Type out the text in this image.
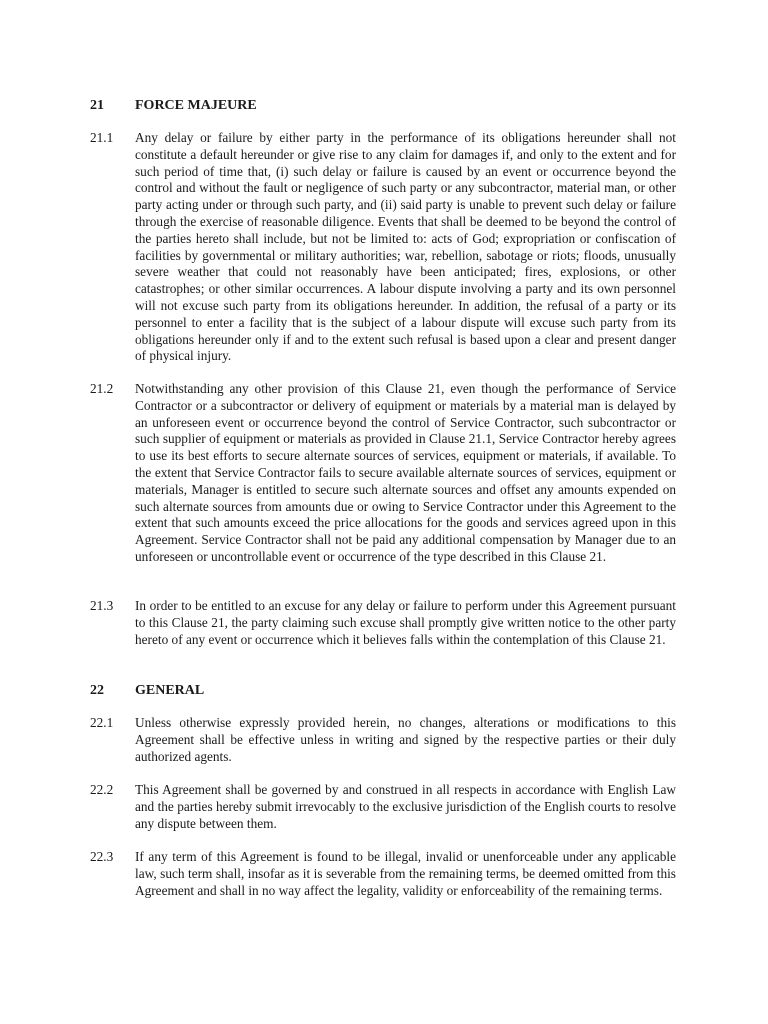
21 FORCE MAJEURE
21.1 Any delay or failure by either party in the performance of its obligations hereunder shall not constitute a default hereunder or give rise to any claim for damages if, and only to the extent and for such period of time that, (i) such delay or failure is caused by an event or occurrence beyond the control and without the fault or negligence of such party or any subcontractor, material man, or other party acting under or through such party, and (ii) said party is unable to prevent such delay or failure through the exercise of reasonable diligence. Events that shall be deemed to be beyond the control of the parties hereto shall include, but not be limited to: acts of God; expropriation or confiscation of facilities by governmental or military authorities; war, rebellion, sabotage or riots; floods, unusually severe weather that could not reasonably have been anticipated; fires, explosions, or other catastrophes; or other similar occurrences. A labour dispute involving a party and its own personnel will not excuse such party from its obligations hereunder. In addition, the refusal of a party or its personnel to enter a facility that is the subject of a labour dispute will excuse such party from its obligations hereunder only if and to the extent such refusal is based upon a clear and present danger of physical injury.
21.2 Notwithstanding any other provision of this Clause 21, even though the performance of Service Contractor or a subcontractor or delivery of equipment or materials by a material man is delayed by an unforeseen event or occurrence beyond the control of Service Contractor, such subcontractor or such supplier of equipment or materials as provided in Clause 21.1, Service Contractor hereby agrees to use its best efforts to secure alternate sources of services, equipment or materials, if available. To the extent that Service Contractor fails to secure available alternate sources of services, equipment or materials, Manager is entitled to secure such alternate sources and offset any amounts expended on such alternate sources from amounts due or owing to Service Contractor under this Agreement to the extent that such amounts exceed the price allocations for the goods and services agreed upon in this Agreement. Service Contractor shall not be paid any additional compensation by Manager due to an unforeseen or uncontrollable event or occurrence of the type described in this Clause 21.
21.3 In order to be entitled to an excuse for any delay or failure to perform under this Agreement pursuant to this Clause 21, the party claiming such excuse shall promptly give written notice to the other party hereto of any event or occurrence which it believes falls within the contemplation of this Clause 21.
22 GENERAL
22.1 Unless otherwise expressly provided herein, no changes, alterations or modifications to this Agreement shall be effective unless in writing and signed by the respective parties or their duly authorized agents.
22.2 This Agreement shall be governed by and construed in all respects in accordance with English Law and the parties hereby submit irrevocably to the exclusive jurisdiction of the English courts to resolve any dispute between them.
22.3 If any term of this Agreement is found to be illegal, invalid or unenforceable under any applicable law, such term shall, insofar as it is severable from the remaining terms, be deemed omitted from this Agreement and shall in no way affect the legality, validity or enforceability of the remaining terms.
